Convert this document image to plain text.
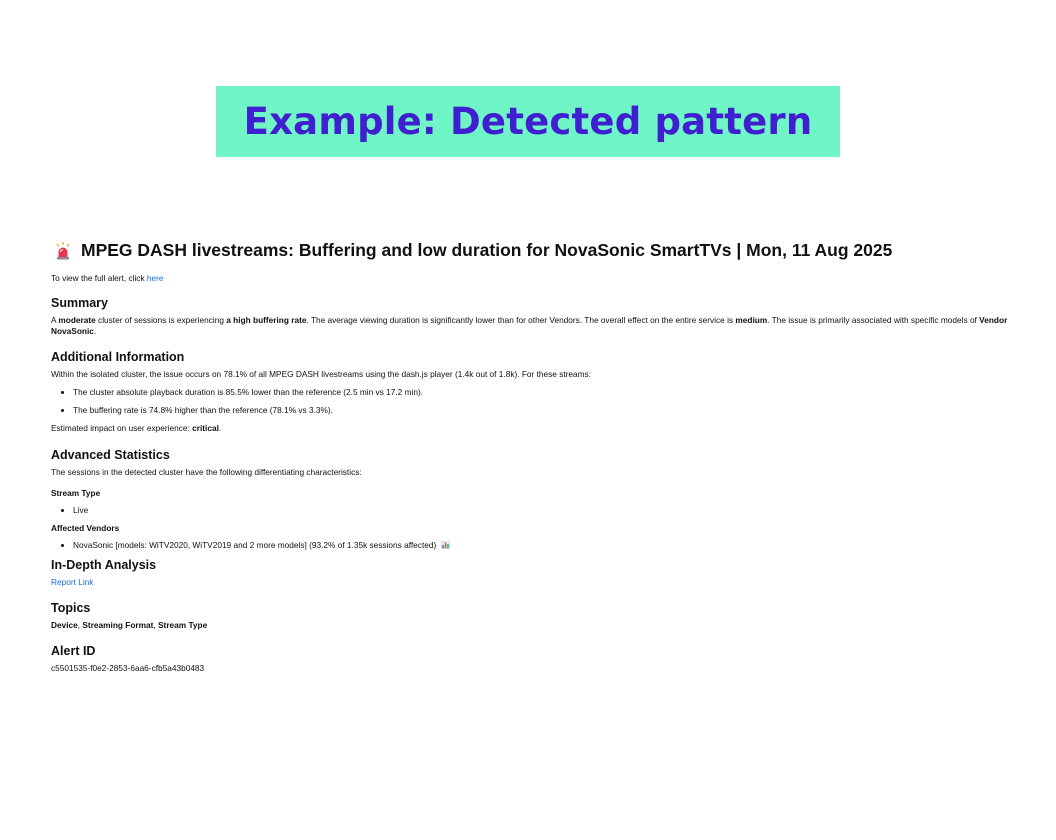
Example: Detected pattern
MPEG DASH livestreams: Buffering and low duration for NovaSonic SmartTVs | Mon, 11 Aug 2025
To view the full alert, click here
Summary

A moderate cluster of sessions is experiencing a high buffering rate. The average viewing duration is significantly lower than for other Vendors. The overall effect on the entire service is medium. The issue is primarily associated with specific models of Vendor NovaSonic.

Additional Information

Within the isolated cluster, the issue occurs on 78.1% of all MPEG DASH livestreams using the dash.js player (1.4k out of 1.8k). For these streams:

• The cluster absolute playback duration is 85.5% lower than the reference (2.5 min vs 17.2 min).
• The buffering rate is 74.8% higher than the reference (78.1% vs 3.3%).

Estimated impact on user experience: critical.

Advanced Statistics

The sessions in the detected cluster have the following differentiating characteristics:

Stream Type
• Live
Affected Vendors
• NovaSonic [models: WiTV2020, WiTV2019 and 2 more models] (93.2% of 1.35k sessions affected)
In-Depth Analysis

Report Link

Topics

Device, Streaming Format, Stream Type

Alert ID

c5501535-f0e2-2853-6aa6-cfb5a43b0483
